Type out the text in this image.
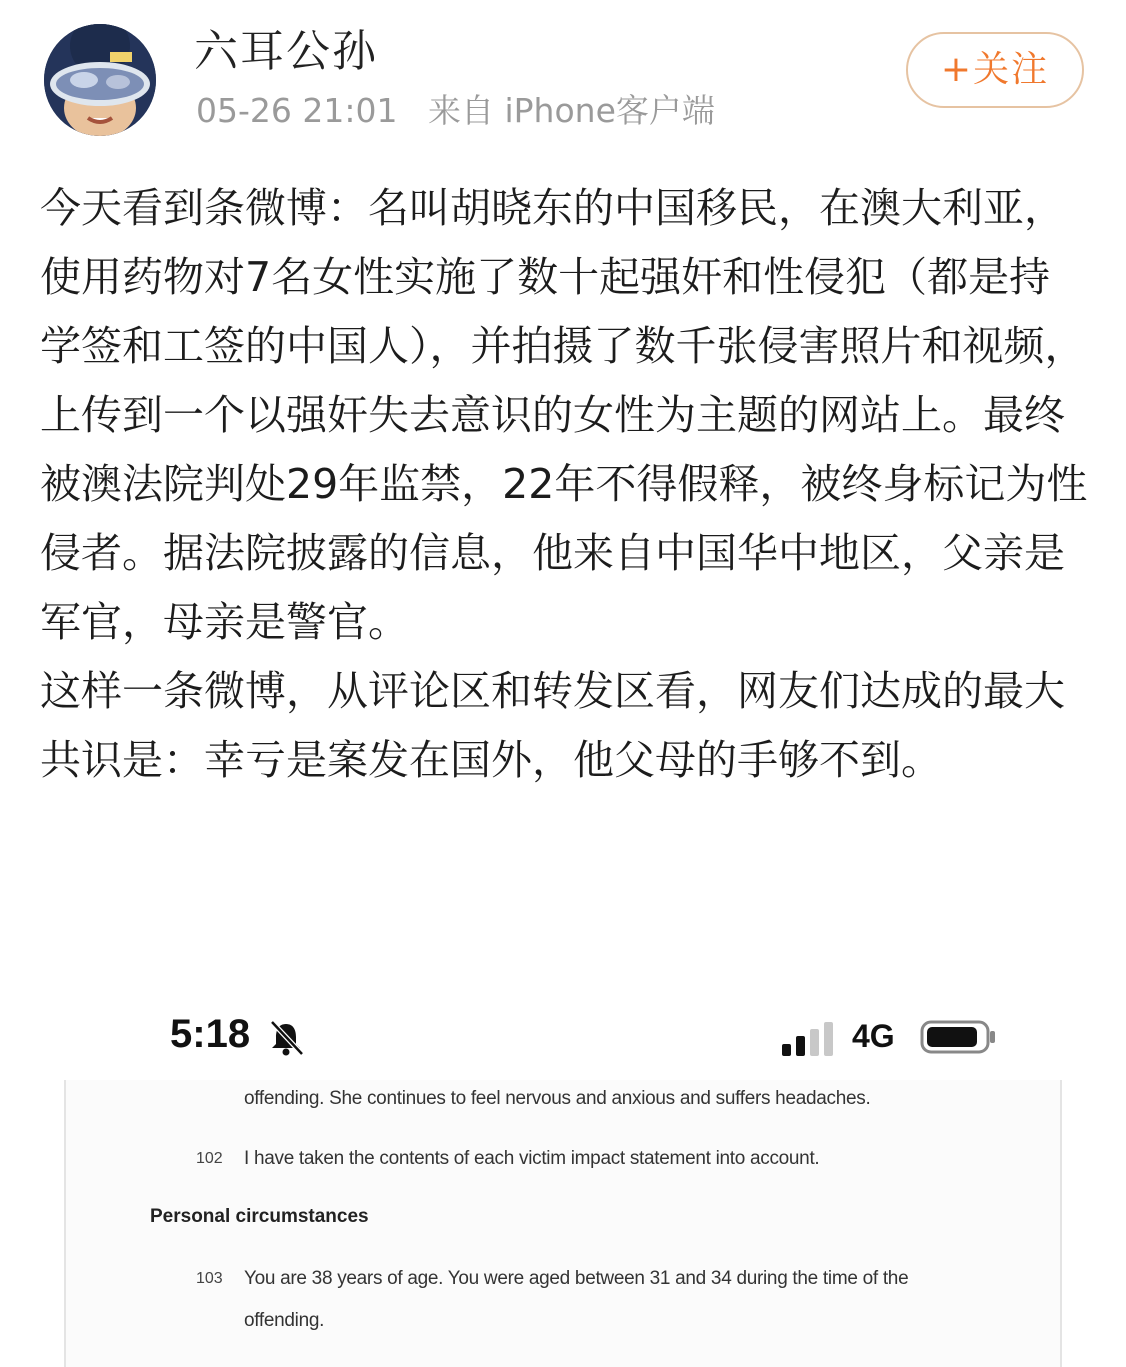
六耳公孙
05-26 21:01 来自 iPhone客户端
+关注

今天看到条微博：名叫胡晓东的中国移民，在澳大利亚，使用药物对7名女性实施了数十起强奸和性侵犯（都是持学签和工签的中国人），并拍摄了数千张侵害照片和视频，上传到一个以强奸失去意识的女性为主题的网站上。最终被澳法院判处29年监禁，22年不得假释，被终身标记为性侵者。据法院披露的信息，他来自中国华中地区，父亲是军官，母亲是警官。

这样一条微博，从评论区和转发区看，网友们达成的最大共识是：幸亏是案发在国外，他父母的手够不到。

5:18	4G
offending. She continues to feel nervous and anxious and suffers headaches.
102 I have taken the contents of each victim impact statement into account.
Personal circumstances
103 You are 38 years of age. You were aged between 31 and 34 during the time of the
offending.
